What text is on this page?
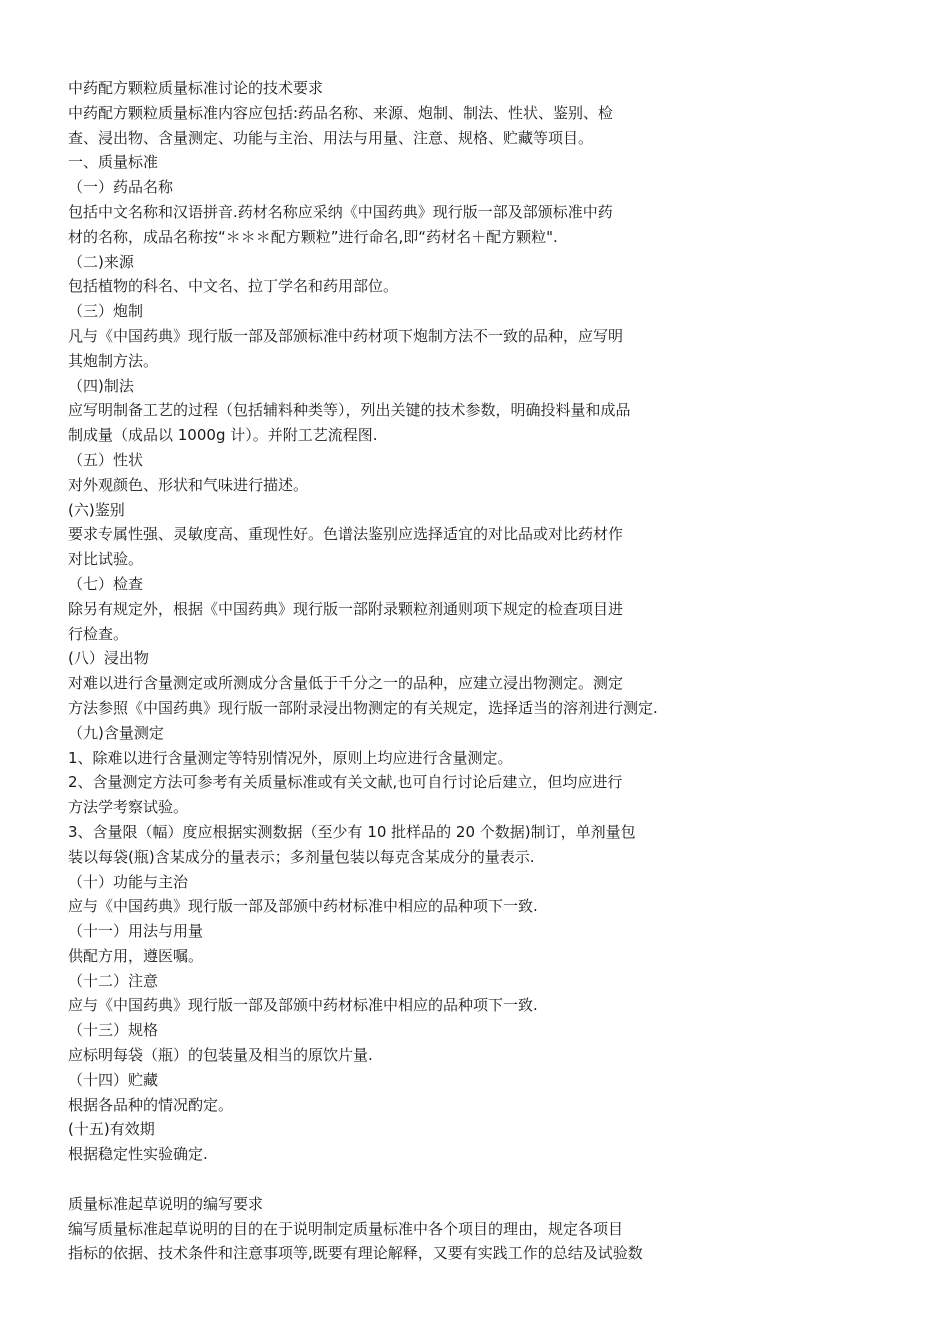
中药配方颗粒质量标准讨论的技术要求
中药配方颗粒质量标准内容应包括:药品名称、来源、炮制、制法、性状、鉴别、检
查、浸出物、含量测定、功能与主治、用法与用量、注意、规格、贮藏等项目。
一、质量标准
（一）药品名称
包括中文名称和汉语拼音.药材名称应采纳《中国药典》现行版一部及部颁标准中药
材的名称，成品名称按“＊＊＊配方颗粒”进行命名,即“药材名＋配方颗粒".
（二)来源
包括植物的科名、中文名、拉丁学名和药用部位。
（三）炮制
凡与《中国药典》现行版一部及部颁标准中药材项下炮制方法不一致的品种，应写明
其炮制方法。
（四)制法
应写明制备工艺的过程（包括辅料种类等），列出关键的技术参数，明确投料量和成品
制成量（成品以 1000g 计）。并附工艺流程图.
（五）性状
对外观颜色、形状和气味进行描述。
(六)鉴别
要求专属性强、灵敏度高、重现性好。色谱法鉴别应选择适宜的对比品或对比药材作
对比试验。
（七）检查
除另有规定外，根据《中国药典》现行版一部附录颗粒剂通则项下规定的检查项目进
行检查。
(八）浸出物
对难以进行含量测定或所测成分含量低于千分之一的品种，应建立浸出物测定。测定
方法参照《中国药典》现行版一部附录浸出物测定的有关规定，选择适当的溶剂进行测定.
（九)含量测定
1、除难以进行含量测定等特别情况外，原则上均应进行含量测定。
2、含量测定方法可参考有关质量标准或有关文献,也可自行讨论后建立，但均应进行
方法学考察试验。
3、含量限（幅）度应根据实测数据（至少有 10 批样品的 20 个数据)制订，单剂量包
装以每袋(瓶)含某成分的量表示；多剂量包装以每克含某成分的量表示.
（十）功能与主治
应与《中国药典》现行版一部及部颁中药材标准中相应的品种项下一致.
（十一）用法与用量
供配方用，遵医嘱。
（十二）注意
应与《中国药典》现行版一部及部颁中药材标准中相应的品种项下一致.
（十三）规格
应标明每袋（瓶）的包装量及相当的原饮片量.
（十四）贮藏
根据各品种的情况酌定。
(十五)有效期
根据稳定性实验确定.
质量标准起草说明的编写要求
编写质量标准起草说明的目的在于说明制定质量标准中各个项目的理由，规定各项目
指标的依据、技术条件和注意事项等,既要有理论解释，又要有实践工作的总结及试验数
